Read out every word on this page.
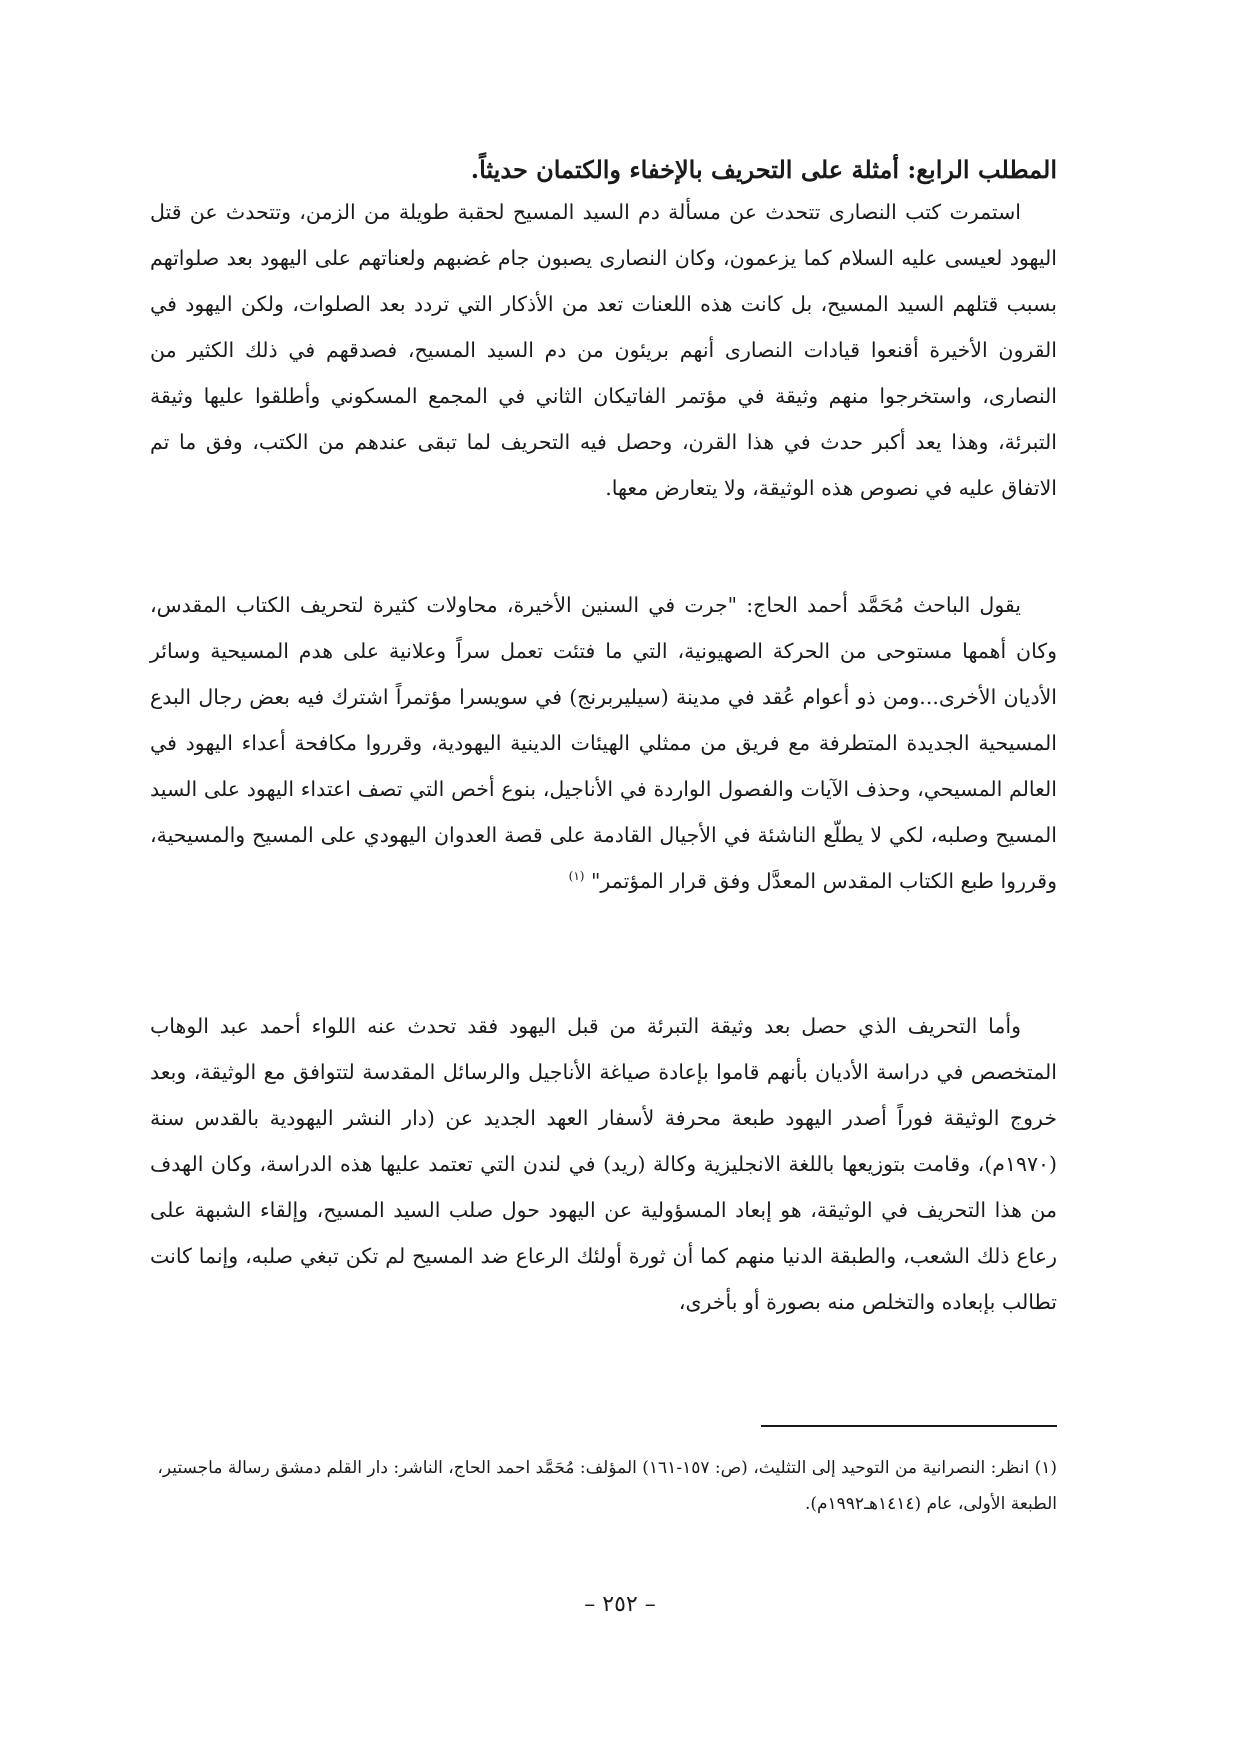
المطلب الرابع: أمثلة على التحريف بالإخفاء والكتمان حديثاً.

استمرت كتب النصارى تتحدث عن مسألة دم السيد المسيح لحقبة طويلة من الزمن، وتتحدث عن قتل اليهود لعيسى عليه السلام كما يزعمون، وكان النصارى يصبون جام غضبهم ولعناتهم على اليهود بعد صلواتهم بسبب قتلهم السيد المسيح، بل كانت هذه اللعنات تعد من الأذكار التي تردد بعد الصلوات، ولكن اليهود في القرون الأخيرة أقنعوا قيادات النصارى أنهم بريئون من دم السيد المسيح، فصدقهم في ذلك الكثير من النصارى، واستخرجوا منهم وثيقة في مؤتمر الفاتيكان الثاني في المجمع المسكوني وأطلقوا عليها وثيقة التبرئة، وهذا يعد أكبر حدث في هذا القرن، وحصل فيه التحريف لما تبقى عندهم من الكتب، وفق ما تم الاتفاق عليه في نصوص هذه الوثيقة، ولا يتعارض معها.

يقول الباحث مُحَمَّد أحمد الحاج: "جرت في السنين الأخيرة، محاولات كثيرة لتحريف الكتاب المقدس، وكان أهمها مستوحى من الحركة الصهيونية، التي ما فتئت تعمل سراً وعلانية على هدم المسيحية وسائر الأديان الأخرى...ومن ذو أعوام عُقد في مدينة (سيليربرنج) في سويسرا مؤتمراً اشترك فيه بعض رجال البدع المسيحية الجديدة المتطرفة مع فريق من ممثلي الهيئات الدينية اليهودية، وقرروا مكافحة أعداء اليهود في العالم المسيحي، وحذف الآيات والفصول الواردة في الأناجيل، بنوع أخص التي تصف اعتداء اليهود على السيد المسيح وصلبه، لكي لا يطلّع الناشئة في الأجيال القادمة على قصة العدوان اليهودي على المسيح والمسيحية، وقرروا طبع الكتاب المقدس المعدَّل وفق قرار المؤتمر" $^{(١)}$

وأما التحريف الذي حصل بعد وثيقة التبرئة من قبل اليهود فقد تحدث عنه اللواء أحمد عبد الوهاب المتخصص في دراسة الأديان بأنهم قاموا بإعادة صياغة الأناجيل والرسائل المقدسة لتتوافق مع الوثيقة، وبعد خروج الوثيقة فوراً أصدر اليهود طبعة محرفة لأسفار العهد الجديد عن (دار النشر اليهودية بالقدس سنة (١٩٧٠م)، وقامت بتوزيعها باللغة الانجليزية وكالة (ريد) في لندن التي تعتمد عليها هذه الدراسة، وكان الهدف من هذا التحريف في الوثيقة، هو إبعاد المسؤولية عن اليهود حول صلب السيد المسيح، وإلقاء الشبهة على رعاع ذلك الشعب، والطبقة الدنيا منهم كما أن ثورة أولئك الرعاع ضد المسيح لم تكن تبغي صلبه، وإنما كانت تطالب بإبعاده والتخلص منه بصورة أو بأخرى،

(١) انظر: النصرانية من التوحيد إلى التثليث، (ص: ١٥٧-١٦١) المؤلف: مُحَمَّد احمد الحاج، الناشر: دار القلم دمشق رسالة ماجستير، الطبعة الأولى، عام (١٤١٤هـ١٩٩٢م).

– ٢٥٢ –
